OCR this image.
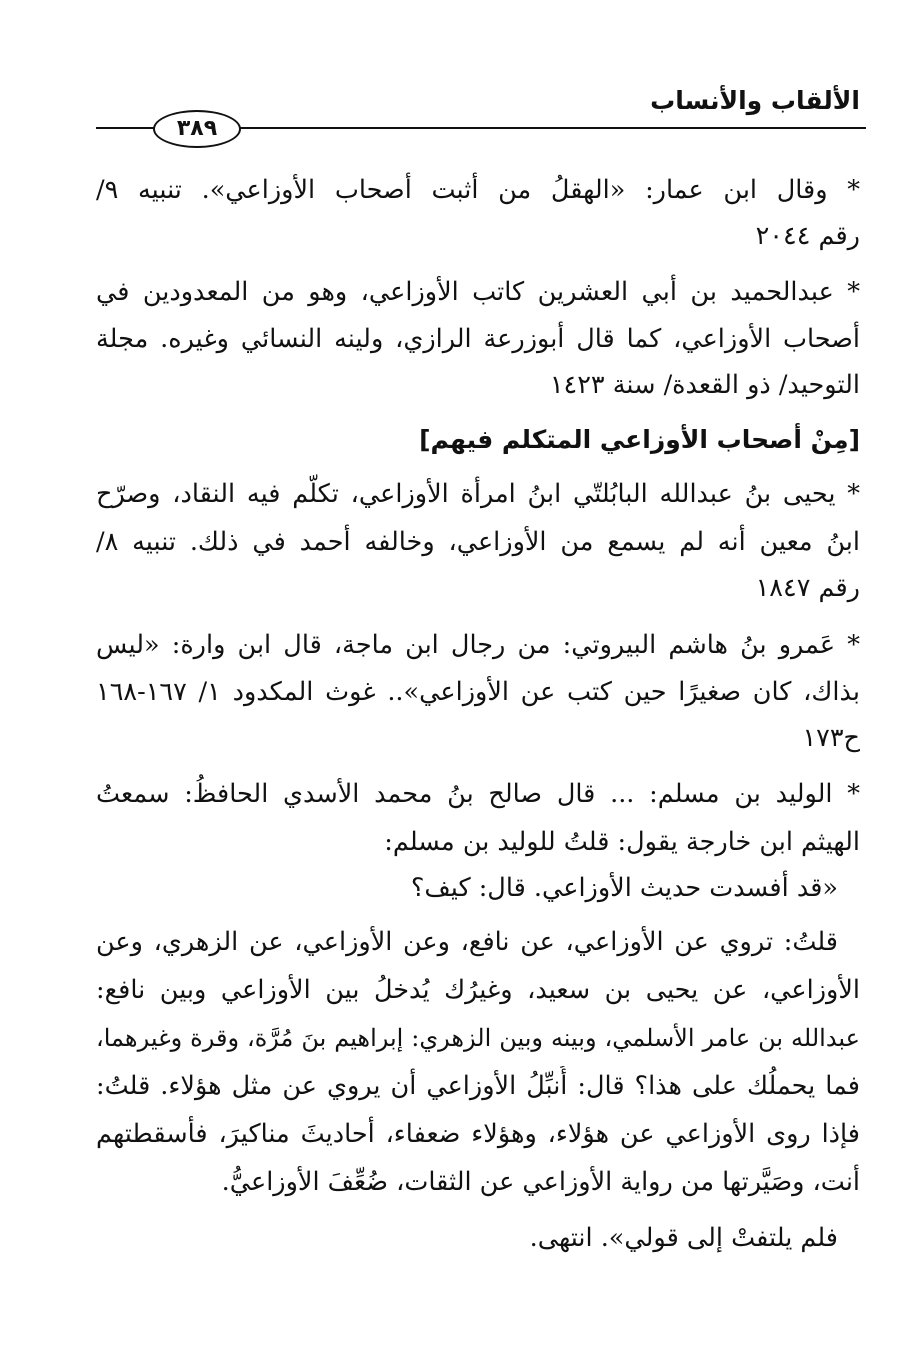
الألقاب والأنساب
٣٨٩
* وقال ابن عمار: «الهقلُ من أثبت أصحاب الأوزاعي». تنبيه ٩/
رقم ٢٠٤٤
* عبدالحميد بن أبي العشرين كاتب الأوزاعي، وهو من المعدودين في
أصحاب الأوزاعي، كما قال أبوزرعة الرازي، ولينه النسائي وغيره. مجلة
التوحيد/ ذو القعدة/ سنة ١٤٢٣
[مِنْ أصحاب الأوزاعي المتكلم فيهم]
* يحيى بنُ عبدالله البابُلتّي ابنُ امرأة الأوزاعي، تكلّم فيه النقاد، وصرّح
ابنُ معين أنه لم يسمع من الأوزاعي، وخالفه أحمد في ذلك. تنبيه ٨/
رقم ١٨٤٧
* عَمرو بنُ هاشم البيروتي: من رجال ابن ماجة، قال ابن وارة: «ليس
بذاك، كان صغيرًا حين كتب عن الأوزاعي».. غوث المكدود ١/ ١٦٧-١٦٨
ح١٧٣
* الوليد بن مسلم: ... قال صالح بنُ محمد الأسدي الحافظُ: سمعتُ
الهيثم ابن خارجة يقول: قلتُ للوليد بن مسلم:
«قد أفسدت حديث الأوزاعي. قال: كيف؟
قلتُ: تروي عن الأوزاعي، عن نافع، وعن الأوزاعي، عن الزهري، وعن
الأوزاعي، عن يحيى بن سعيد، وغيرُك يُدخلُ بين الأوزاعي وبين نافع:
عبدالله بن عامر الأسلمي، وبينه وبين الزهري: إبراهيم بنَ مُرَّة، وقرة وغيرهما،
فما يحملُك على هذا؟ قال: أُنبِّلُ الأوزاعي أن يروي عن مثل هؤلاء. قلتُ:
فإذا روى الأوزاعي عن هؤلاء، وهؤلاء ضعفاء، أحاديثَ مناكيرَ، فأسقطتهم
أنت، وصَيَّرتها من رواية الأوزاعي عن الثقات، ضُعِّفَ الأوزاعيُّ.
فلم يلتفتْ إلى قولي». انتهى.
